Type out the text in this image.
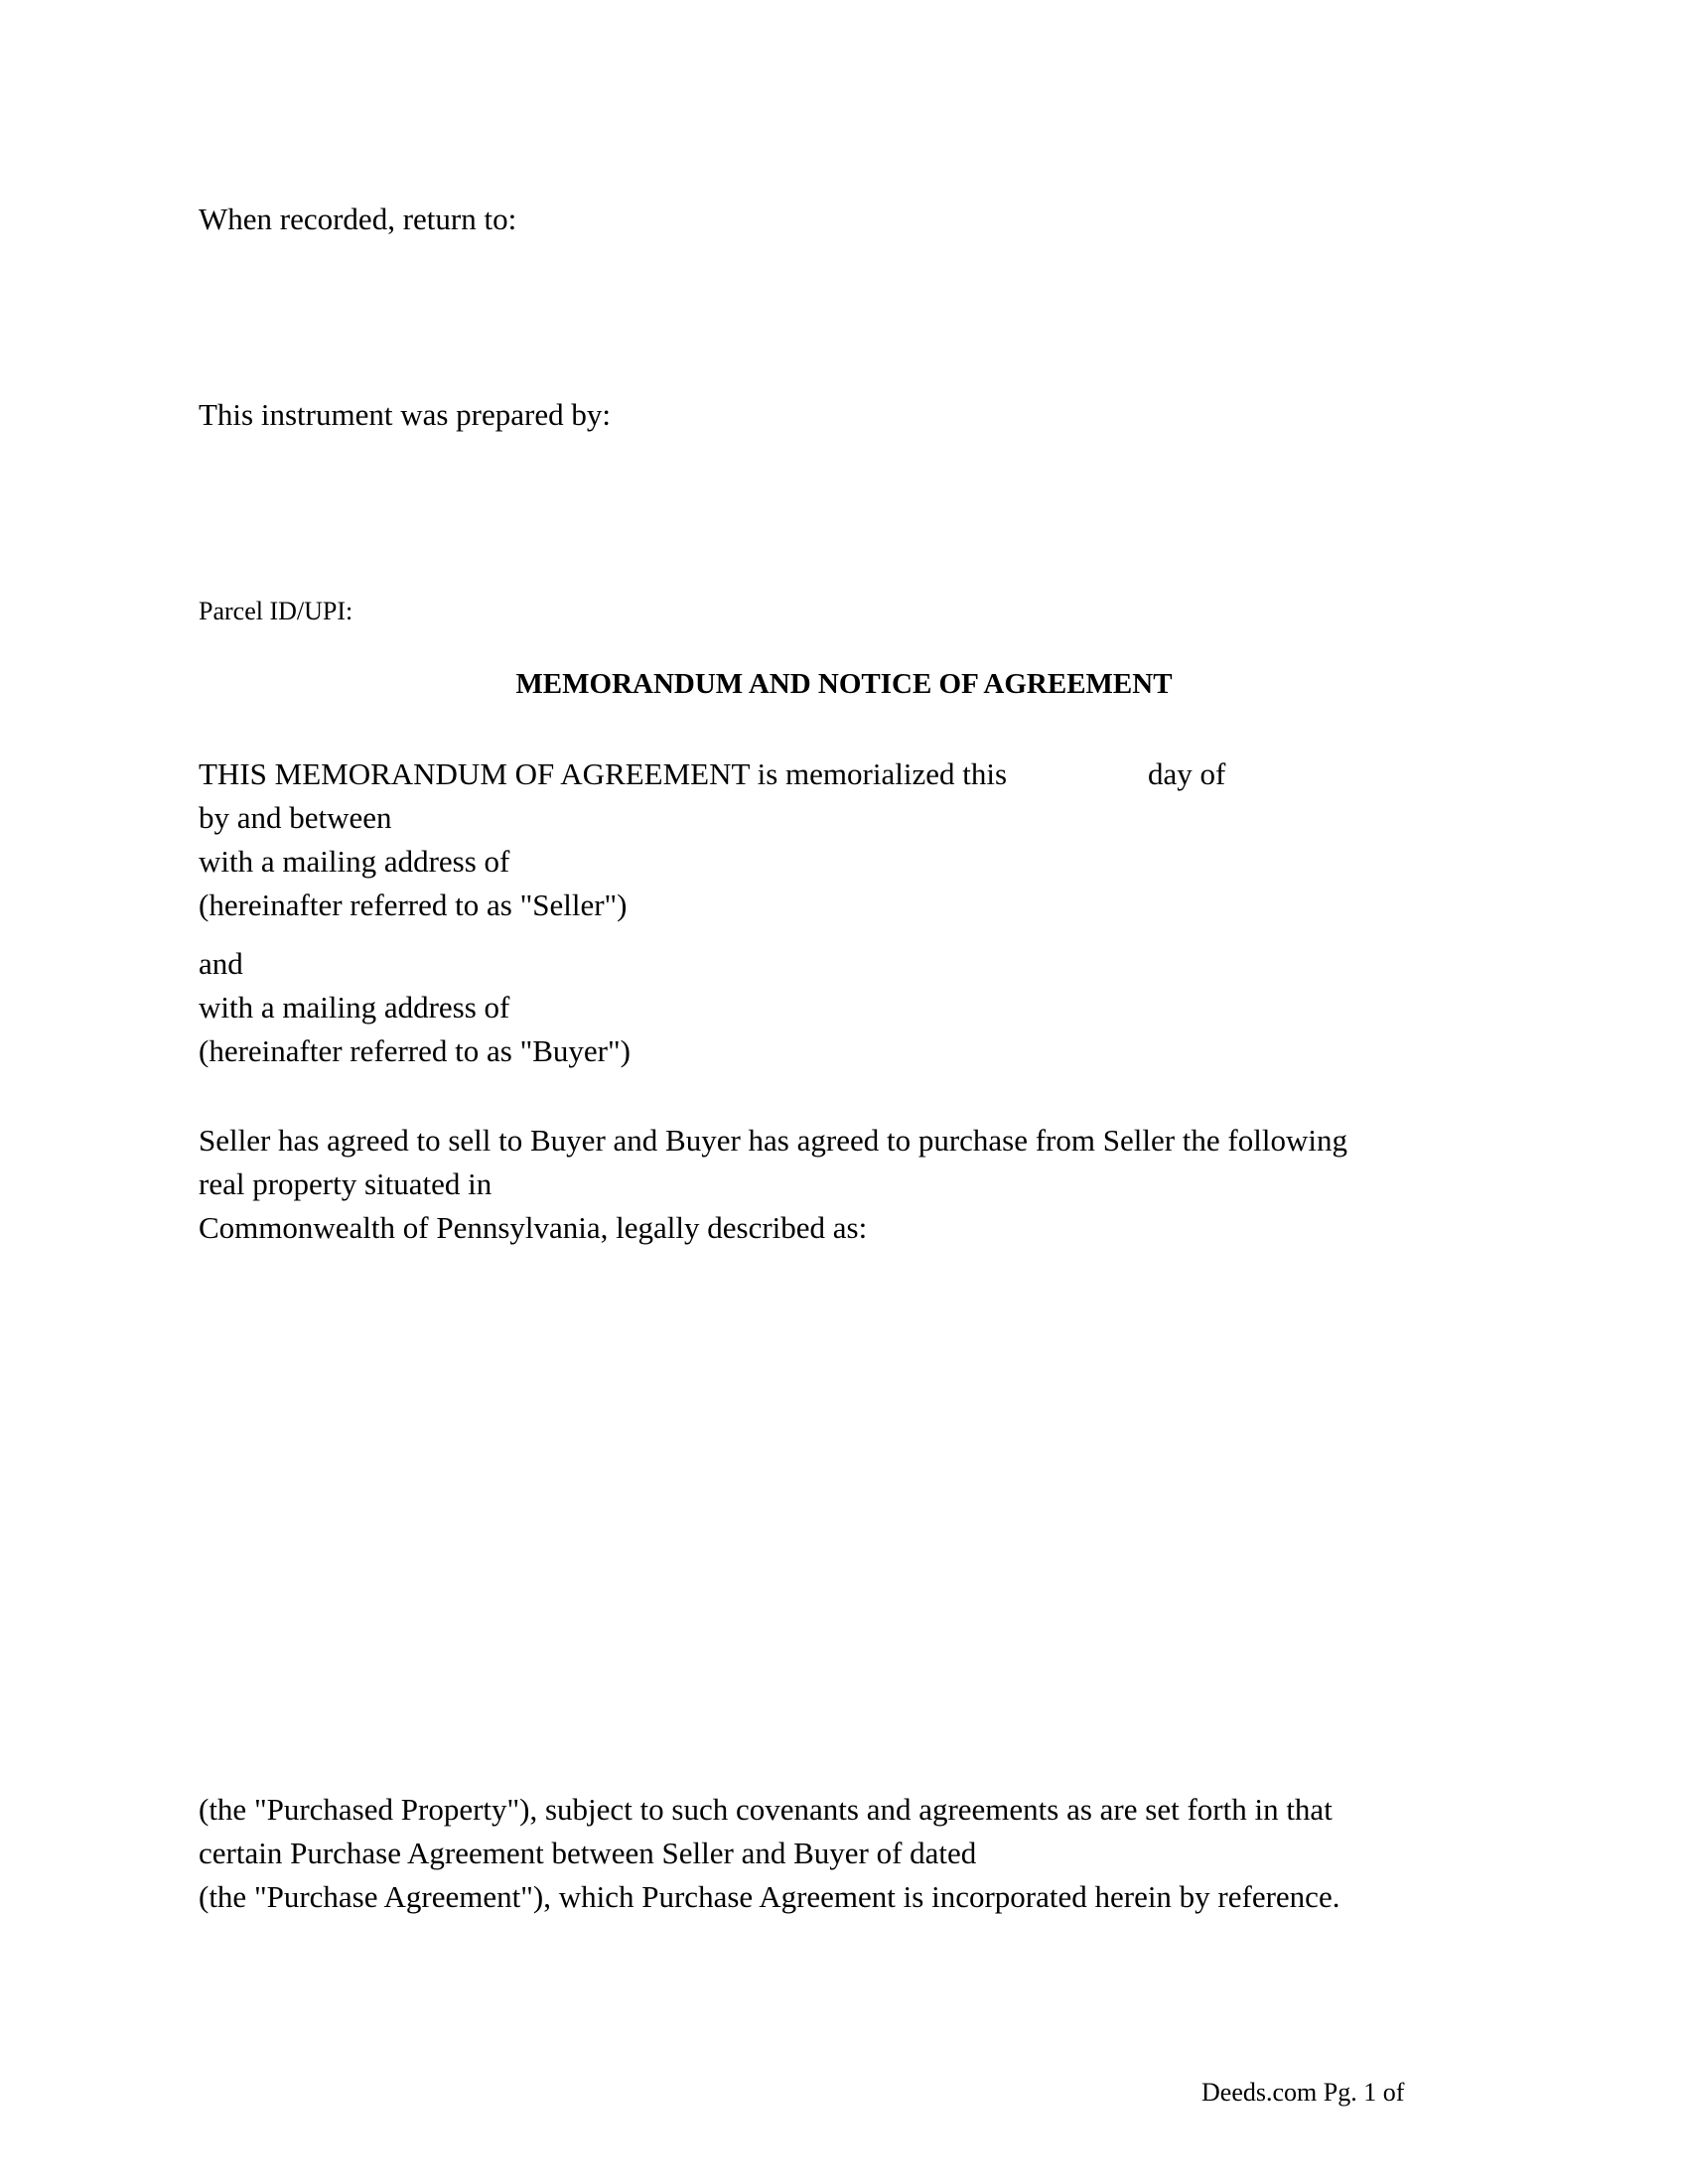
When recorded, return to:
This instrument was prepared by:
Parcel ID/UPI:
MEMORANDUM AND NOTICE OF AGREEMENT
THIS MEMORANDUM OF AGREEMENT is memorialized this	day of
by and between
with a mailing address of
(hereinafter referred to as "Seller")
and
with a mailing address of
(hereinafter referred to as "Buyer")
Seller has agreed to sell to Buyer and Buyer has agreed to purchase from Seller the following
real property situated in
Commonwealth of Pennsylvania, legally described as:
(the "Purchased Property"), subject to such covenants and agreements as are set forth in that
certain Purchase Agreement between Seller and Buyer of dated
(the "Purchase Agreement"), which Purchase Agreement is incorporated herein by reference.
Deeds.com Pg. 1 of
